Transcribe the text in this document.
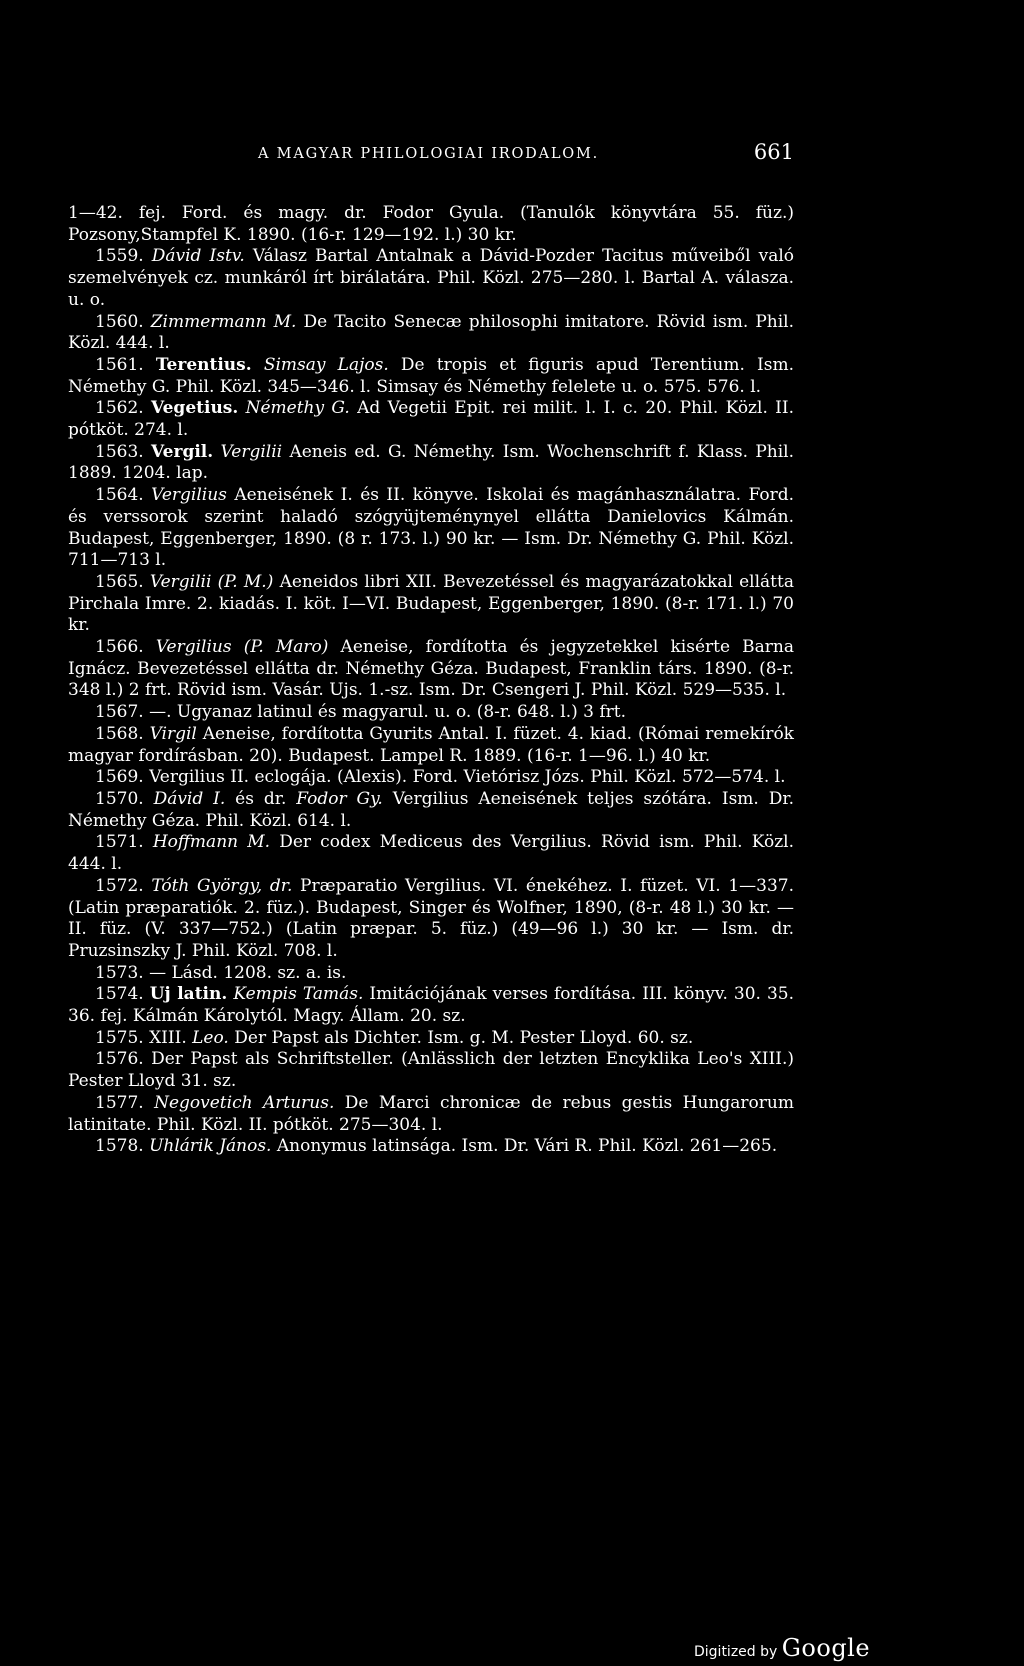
A MAGYAR PHILOLOGIAI IRODALOM.	661

1—42. fej. Ford. és magy. dr. Fodor Gyula. (Tanulók könyvtára 55. füz.) Pozsony,Stampfel K. 1890. (16-r. 129—192. l.) 30 kr.

1559. Dávid Istv. Válasz Bartal Antalnak a Dávid-Pozder Tacitus műveiből való szemelvények cz. munkáról írt birálatára. Phil. Közl. 275—280. l. Bartal A. válasza. u. o.

1560. Zimmermann M. De Tacito Senecæ philosophi imitatore. Rövid ism. Phil. Közl. 444. l.

1561. Terentius. Simsay Lajos. De tropis et figuris apud Terentium. Ism. Némethy G. Phil. Közl. 345—346. l. Simsay és Némethy felelete u. o. 575. 576. l.

1562. Vegetius. Némethy G. Ad Vegetii Epit. rei milit. l. I. c. 20. Phil. Közl. II. pótköt. 274. l.

1563. Vergil. Vergilii Aeneis ed. G. Némethy. Ism. Wochenschrift f. Klass. Phil. 1889. 1204. lap.

1564. Vergilius Aeneisének I. és II. könyve. Iskolai és magánhasználatra. Ford. és verssorok szerint haladó szógyüjteménynyel ellátta Danielovics Kálmán. Budapest, Eggenberger, 1890. (8 r. 173. l.) 90 kr. — Ism. Dr. Némethy G. Phil. Közl. 711—713 l.

1565. Vergilii (P. M.) Aeneidos libri XII. Bevezetéssel és magyarázatokkal ellátta Pirchala Imre. 2. kiadás. I. köt. I—VI. Budapest, Eggenberger, 1890. (8-r. 171. l.) 70 kr.

1566. Vergilius (P. Maro) Aeneise, fordította és jegyzetekkel kisérte Barna Ignácz. Bevezetéssel ellátta dr. Némethy Géza. Budapest, Franklin társ. 1890. (8-r. 348 l.) 2 frt. Rövid ism. Vasár. Ujs. 1.-sz. Ism. Dr. Csengeri J. Phil. Közl. 529—535. l.

1567. —. Ugyanaz latinul és magyarul. u. o. (8-r. 648. l.) 3 frt.

1568. Virgil Aeneise, fordította Gyurits Antal. I. füzet. 4. kiad. (Római remekírók magyar fordírásban. 20). Budapest. Lampel R. 1889. (16-r. 1—96. l.) 40 kr.

1569. Vergilius II. eclogája. (Alexis). Ford. Vietórisz Józs. Phil. Közl. 572—574. l.

1570. Dávid I. és dr. Fodor Gy. Vergilius Aeneisének teljes szótára. Ism. Dr. Némethy Géza. Phil. Közl. 614. l.

1571. Hoffmann M. Der codex Mediceus des Vergilius. Rövid ism. Phil. Közl. 444. l.

1572. Tóth György, dr. Præparatio Vergilius. VI. énekéhez. I. füzet. VI. 1—337. (Latin præparatiók. 2. füz.). Budapest, Singer és Wolfner, 1890, (8-r. 48 l.) 30 kr. — II. füz. (V. 337—752.) (Latin præpar. 5. füz.) (49—96 l.) 30 kr. — Ism. dr. Pruzsinszky J. Phil. Közl. 708. l.

1573. — Lásd. 1208. sz. a. is.

1574. Uj latin. Kempis Tamás. Imitációjának verses fordítása. III. könyv. 30. 35. 36. fej. Kálmán Károlytól. Magy. Állam. 20. sz.

1575. XIII. Leo. Der Papst als Dichter. Ism. g. M. Pester Lloyd. 60. sz.

1576. Der Papst als Schriftsteller. (Anlässlich der letzten Encyklika Leo's XIII.) Pester Lloyd 31. sz.

1577. Negovetich Arturus. De Marci chronicæ de rebus gestis Hungarorum latinitate. Phil. Közl. II. pótköt. 275—304. l.

1578. Uhlárik János. Anonymus latinsága. Ism. Dr. Vári R. Phil. Közl. 261—265.

Digitized by Google
